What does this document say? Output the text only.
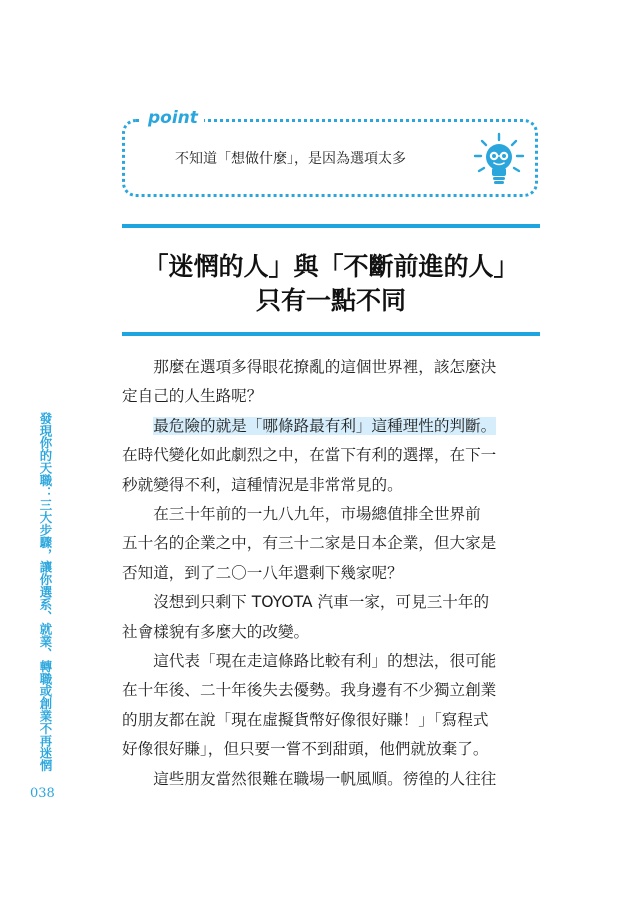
point
不知道「想做什麼」，是因為選項太多
「迷惘的人」與「不斷前進的人」
只有一點不同

　　那麼在選項多得眼花撩亂的這個世界裡，該怎麼決

定自己的人生路呢？

　　最危險的就是「哪條路最有利」這種理性的判斷。

在時代變化如此劇烈之中，在當下有利的選擇，在下一

秒就變得不利，這種情況是非常常見的。

　　在三十年前的一九八九年，市場總值排全世界前

五十名的企業之中，有三十二家是日本企業，但大家是

否知道，到了二〇一八年還剩下幾家呢？

　　沒想到只剩下 TOYOTA 汽車一家，可見三十年的

社會樣貌有多麼大的改變。

　　這代表「現在走這條路比較有利」的想法，很可能

在十年後、二十年後失去優勢。我身邊有不少獨立創業

的朋友都在說「現在虛擬貨幣好像很好賺！」「寫程式

好像很好賺」，但只要一嘗不到甜頭，他們就放棄了。

　　這些朋友當然很難在職場一帆風順。徬徨的人往往

發現你的天職：三大步驟，讓你選系、就業、轉職或創業不再迷惘
038
